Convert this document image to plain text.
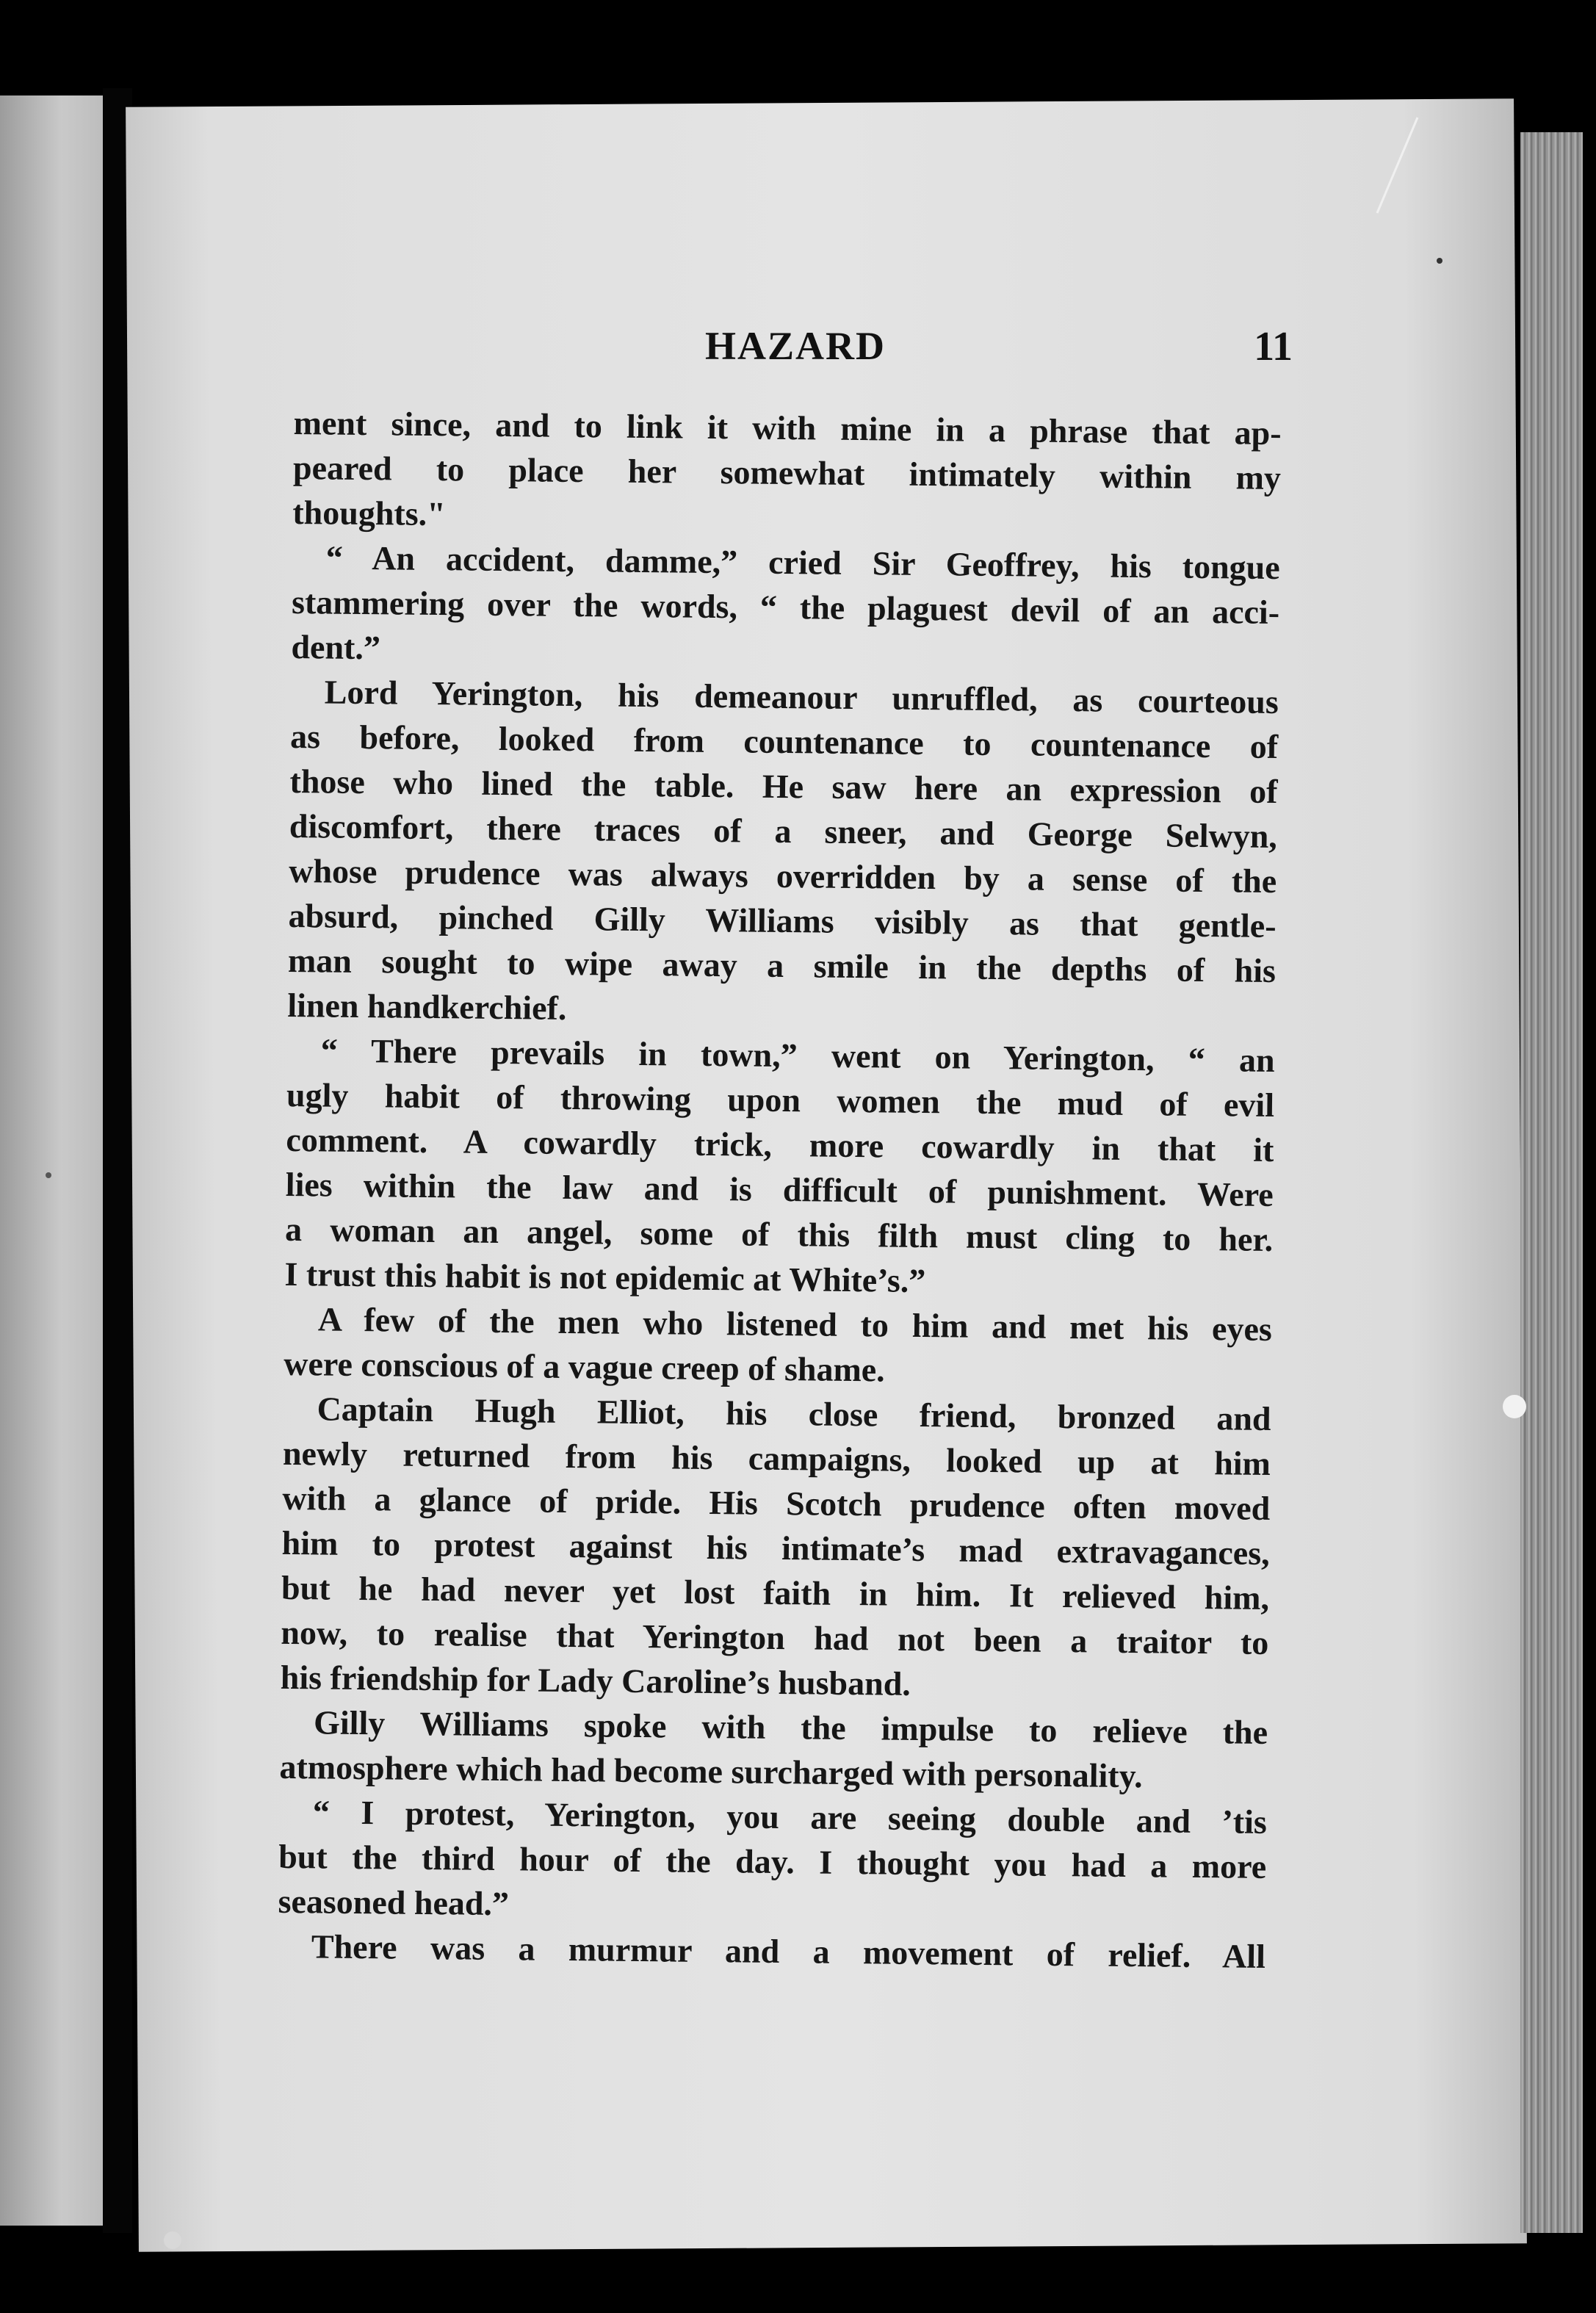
HAZARD	11
ment since, and to link it with mine in a phrase that ap-
peared to place her somewhat intimately within my
thoughts."
“ An accident, damme,” cried Sir Geoffrey, his tongue
stammering over the words, “ the plaguest devil of an acci-
dent.”
Lord Yerington, his demeanour unruffled, as courteous
as before, looked from countenance to countenance of
those who lined the table. He saw here an expression of
discomfort, there traces of a sneer, and George Selwyn,
whose prudence was always overridden by a sense of the
absurd, pinched Gilly Williams visibly as that gentle-
man sought to wipe away a smile in the depths of his
linen handkerchief.
“ There prevails in town,” went on Yerington, “ an
ugly habit of throwing upon women the mud of evil
comment. A cowardly trick, more cowardly in that it
lies within the law and is difficult of punishment. Were
a woman an angel, some of this filth must cling to her.
I trust this habit is not epidemic at White’s.”
A few of the men who listened to him and met his eyes
were conscious of a vague creep of shame.
Captain Hugh Elliot, his close friend, bronzed and
newly returned from his campaigns, looked up at him
with a glance of pride. His Scotch prudence often moved
him to protest against his intimate’s mad extravagances,
but he had never yet lost faith in him. It relieved him,
now, to realise that Yerington had not been a traitor to
his friendship for Lady Caroline’s husband.
Gilly Williams spoke with the impulse to relieve the
atmosphere which had become surcharged with personality.
“ I protest, Yerington, you are seeing double and ’tis
but the third hour of the day. I thought you had a more
seasoned head.”
There was a murmur and a movement of relief. All
